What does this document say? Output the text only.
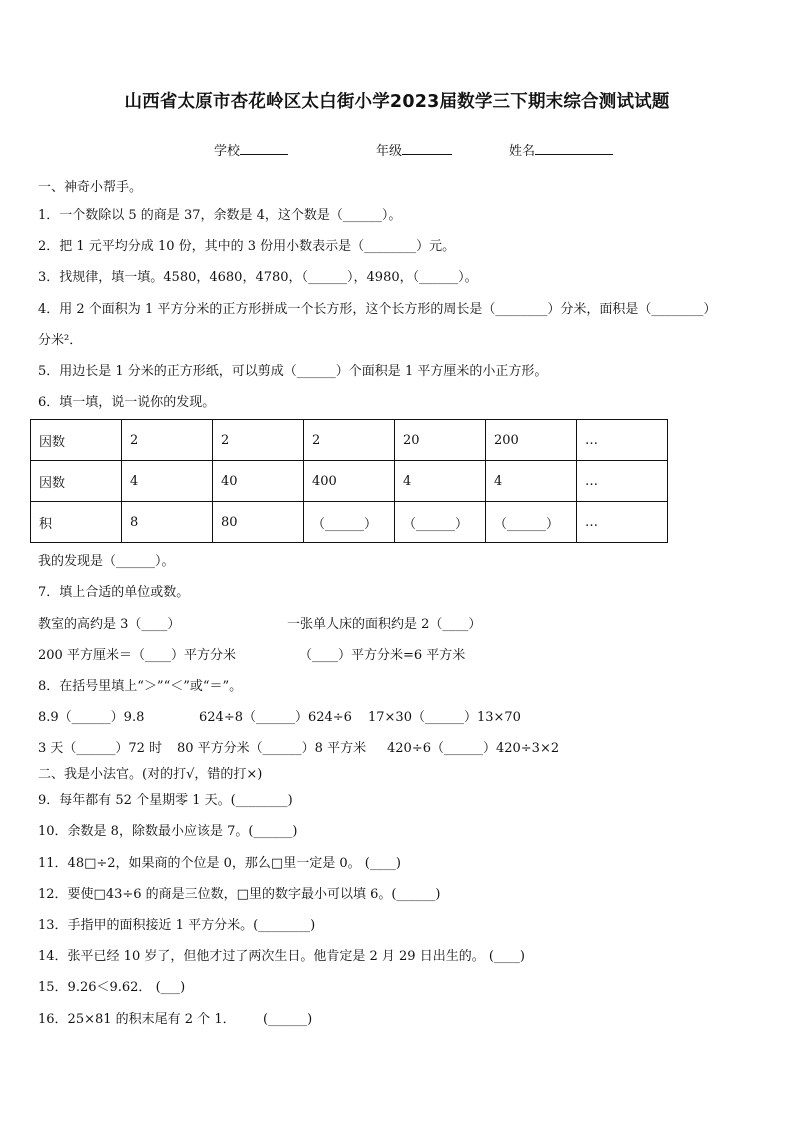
山西省太原市杏花岭区太白街小学2023届数学三下期末综合测试试题
学校	年级	姓名
一、神奇小帮手。
1．一个数除以 5 的商是 37，余数是 4，这个数是（______）。
2．把 1 元平均分成 10 份，其中的 3 份用小数表示是（________）元。
3．找规律，填一填。4580，4680，4780，（______），4980，（______）。
4．用 2 个面积为 1 平方分米的正方形拼成一个长方形，这个长方形的周长是（________）分米，面积是（________）
分米²．
5．用边长是 1 分米的正方形纸，可以剪成（______）个面积是 1 平方厘米的小正方形。
6．填一填，说一说你的发现。
因数	2	2	2	20	200	…
因数	4	40	400	4	4	…
积	8	80	（______）	（______）	（______）	…
我的发现是（______）。
7．填上合适的单位或数。
教室的高约是 3（____）	一张单人床的面积约是 2（____）
200 平方厘米＝（____）平方分米	（____）平方分米=6 平方米
8．在括号里填上“＞”“＜”或“＝”。
8.9（______）9.8	624÷8（______）624÷6 17×30（______）13×70
3 天（______）72 时 80 平方分米（______）8 平方米 420÷6（______）420÷3×2
二、我是小法官。(对的打√，错的打×)
9．每年都有 52 个星期零 1 天。(________)
10．余数是 8，除数最小应该是 7。(______)
11．48□÷2，如果商的个位是 0，那么□里一定是 0。 (____)
12．要使□43÷6 的商是三位数，□里的数字最小可以填 6。(______)
13．手指甲的面积接近 1 平方分米。(________)
14．张平已经 10 岁了，但他才过了两次生日。他肯定是 2 月 29 日出生的。 (____)
15．9.26＜9.62． (___)
16．25×81 的积末尾有 2 个 1． (______)
